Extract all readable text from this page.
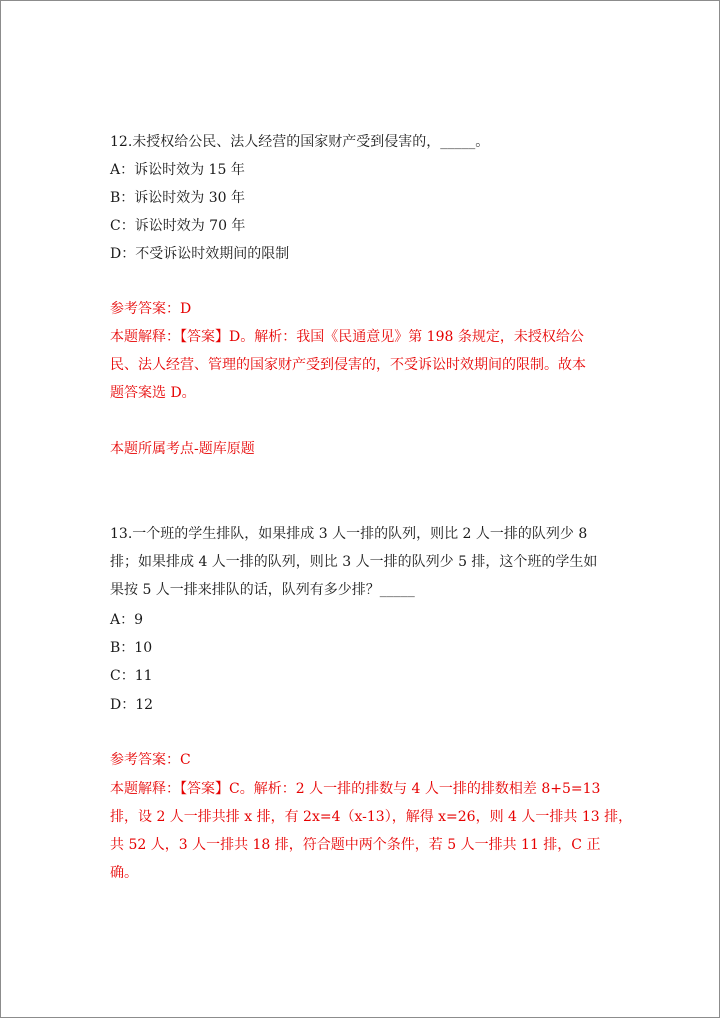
12.未授权给公民、法人经营的国家财产受到侵害的，_____。
A：诉讼时效为 15 年
B：诉讼时效为 30 年
C：诉讼时效为 70 年
D：不受诉讼时效期间的限制
参考答案：D
本题解释：【答案】D。解析：我国《民通意见》第 198 条规定，未授权给公
民、法人经营、管理的国家财产受到侵害的，不受诉讼时效期间的限制。故本
题答案选 D。
本题所属考点-题库原题
13.一个班的学生排队，如果排成 3 人一排的队列，则比 2 人一排的队列少 8
排；如果排成 4 人一排的队列，则比 3 人一排的队列少 5 排，这个班的学生如
果按 5 人一排来排队的话，队列有多少排？_____
A：9
B：10
C：11
D：12
参考答案：C
本题解释：【答案】C。解析：2 人一排的排数与 4 人一排的排数相差 8+5=13
排，设 2 人一排共排 x 排，有 2x=4（x-13），解得 x=26，则 4 人一排共 13 排，
共 52 人，3 人一排共 18 排，符合题中两个条件，若 5 人一排共 11 排，C 正
确。
